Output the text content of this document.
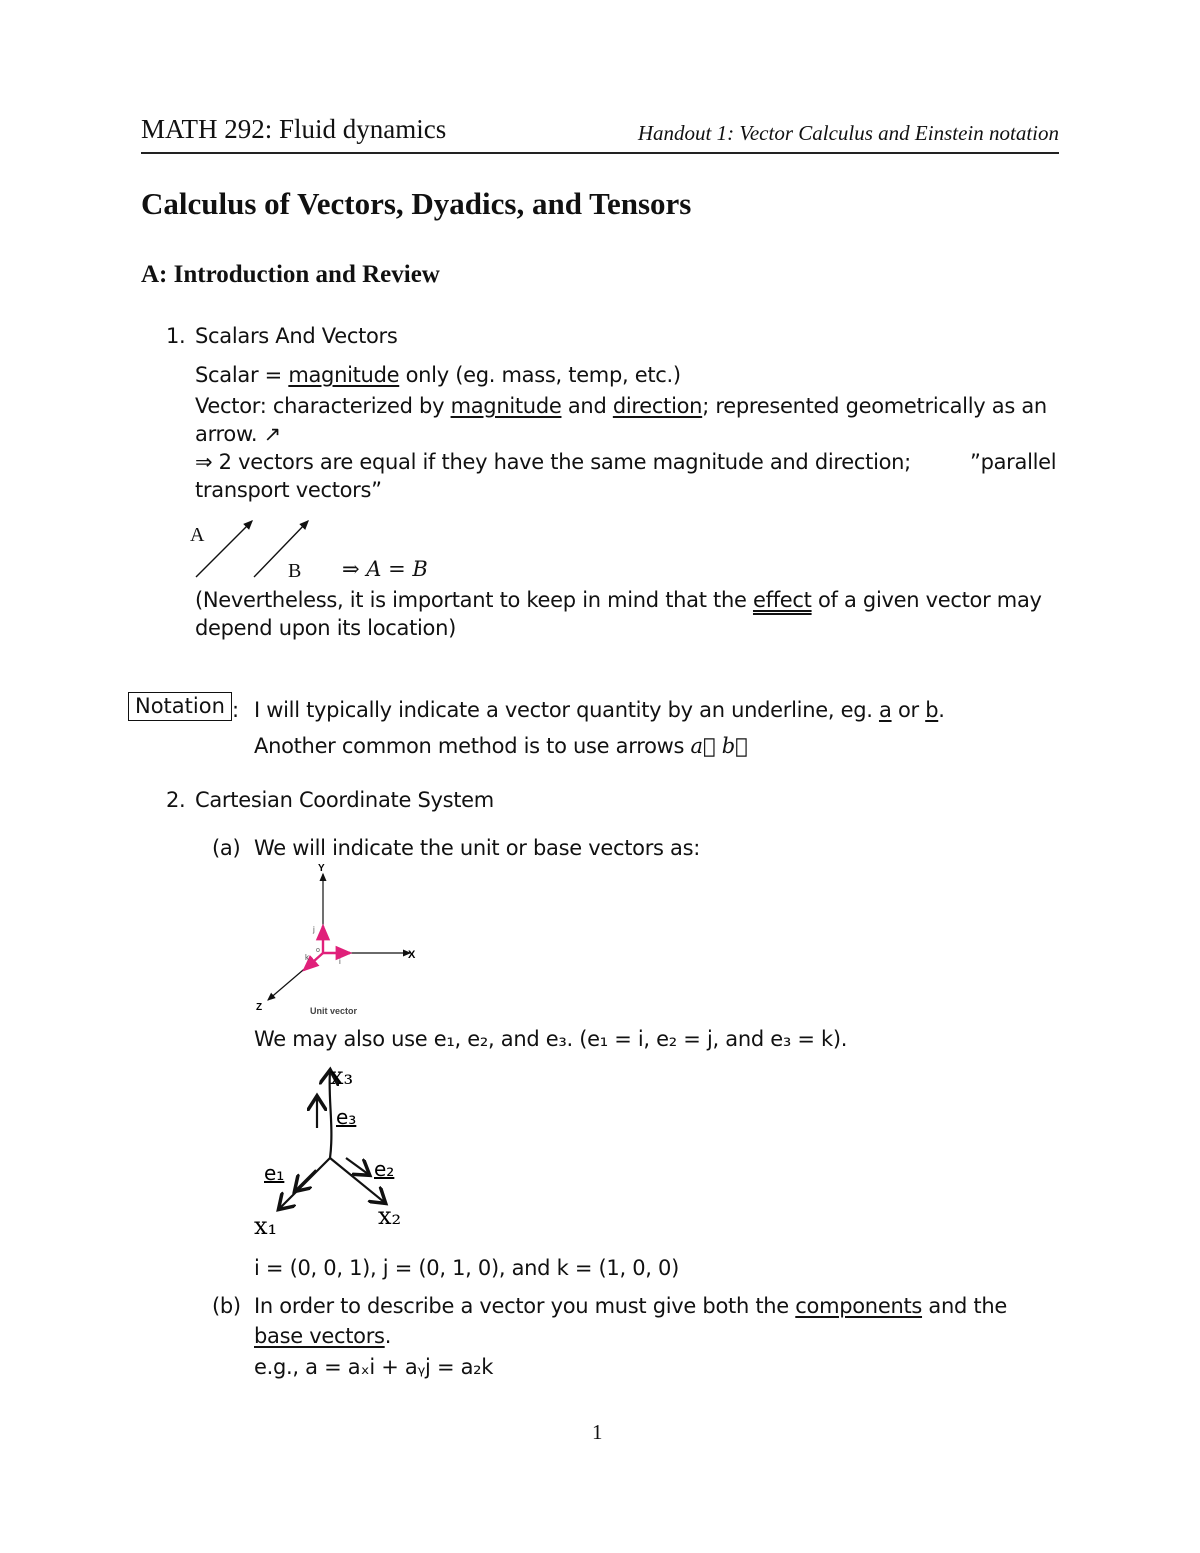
MATH 292: Fluid dynamics	Handout 1: Vector Calculus and Einstein notation
Calculus of Vectors, Dyadics, and Tensors
A: Introduction and Review
1. Scalars And Vectors
Scalar = magnitude only (eg. mass, temp, etc.)
Vector: characterized by magnitude and direction; represented geometrically as an
arrow. ↗
⇒ 2 vectors are equal if they have the same magnitude and direction;	”parallel
transport vectors”
A
B ⇒ A = B
(Nevertheless, it is important to keep in mind that the effect of a given vector may
depend upon its location)
Notation : I will typically indicate a vector quantity by an underline, eg. a or b.
Another common method is to use arrows a⃗ b⃗
2. Cartesian Coordinate System
(a) We will indicate the unit or base vectors as:
Y
X
Z
j
i
k
o
Unit vector
We may also use e₁, e₂, and e₃. (e₁ = i, e₂ = j, and e₃ = k).
x₃
e₃
e₁	e₂
x₁	x₂
i = (0, 0, 1), j = (0, 1, 0), and k = (1, 0, 0)
(b) In order to describe a vector you must give both the components and the
base vectors.
e.g., a = aₓi + aᵧj = a₂k
1
